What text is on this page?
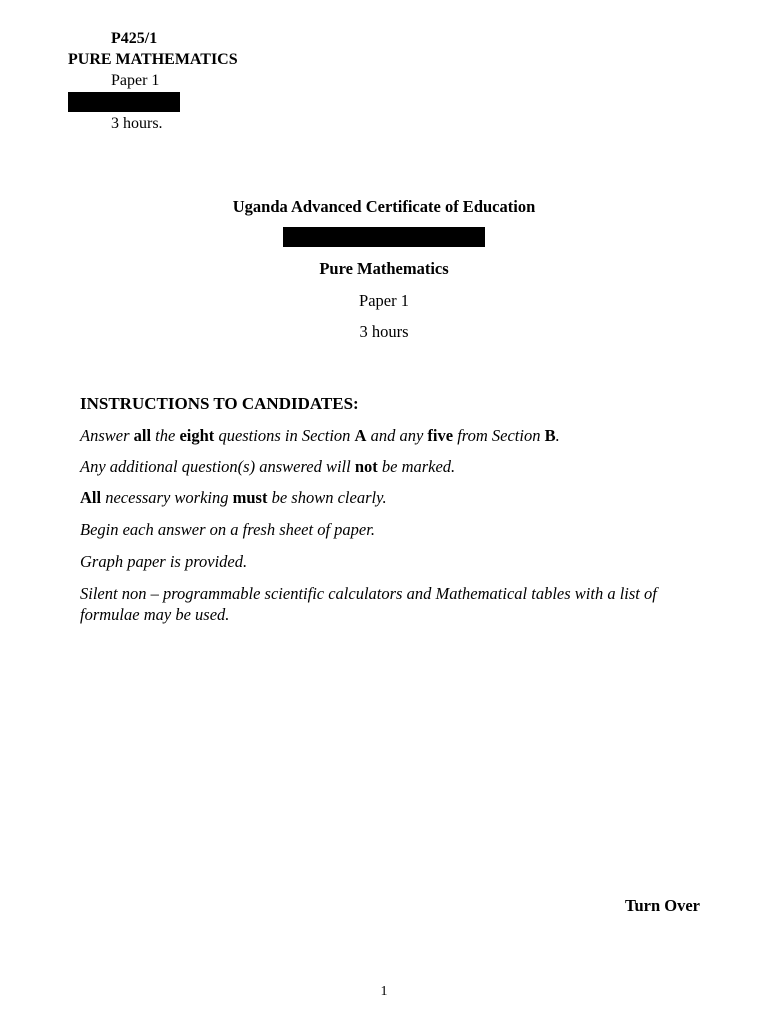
P425/1

PURE MATHEMATICS

Paper 1

3 hours.

Uganda Advanced Certificate of Education

Pure Mathematics

Paper 1

3 hours

INSTRUCTIONS TO CANDIDATES:

Answer all the eight questions in Section A and any five from Section B.

Any additional question(s) answered will not be marked.

All necessary working must be shown clearly.

Begin each answer on a fresh sheet of paper.

Graph paper is provided.

Silent non – programmable scientific calculators and Mathematical tables with a list of formulae may be used.

Turn Over

1
